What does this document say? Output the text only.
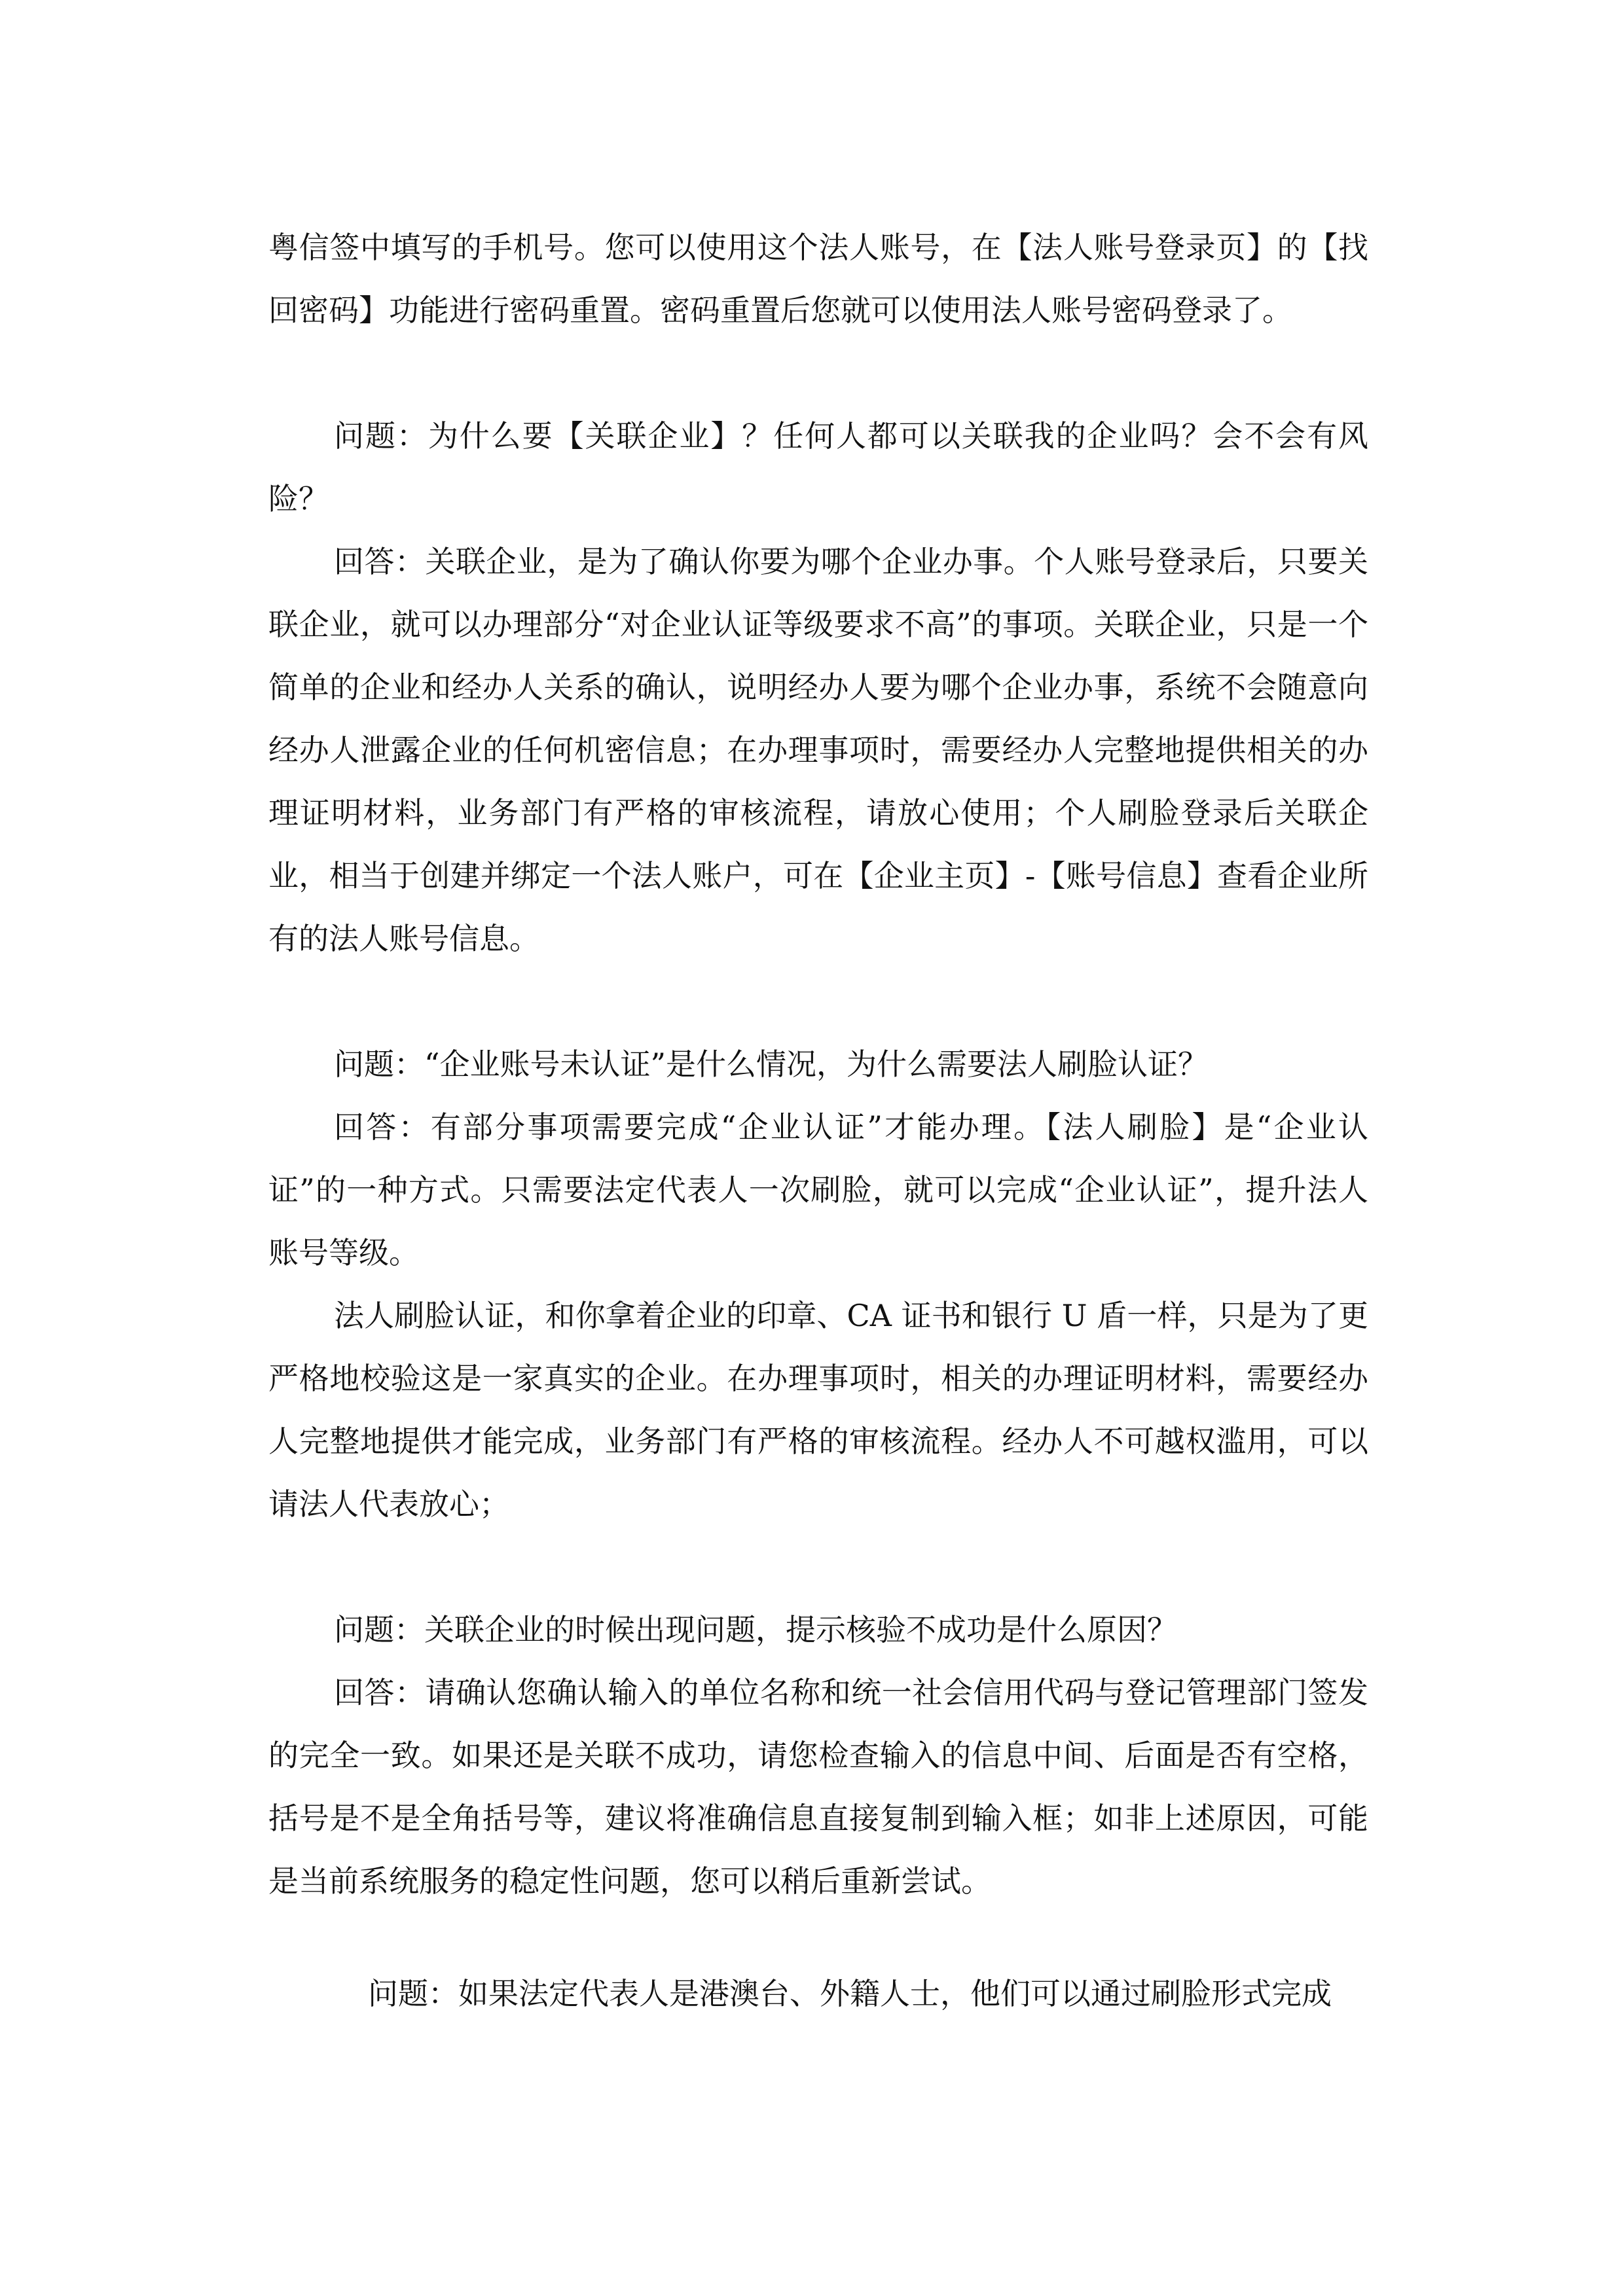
粤信签中填写的手机号。您可以使用这个法人账号，在【法人账号登录页】的【找回密码】功能进行密码重置。密码重置后您就可以使用法人账号密码登录了。

问题：为什么要【关联企业】？任何人都可以关联我的企业吗？会不会有风险？

回答：关联企业，是为了确认你要为哪个企业办事。个人账号登录后，只要关联企业，就可以办理部分“对企业认证等级要求不高”的事项。关联企业，只是一个简单的企业和经办人关系的确认，说明经办人要为哪个企业办事，系统不会随意向经办人泄露企业的任何机密信息；在办理事项时，需要经办人完整地提供相关的办理证明材料，业务部门有严格的审核流程，请放心使用；个人刷脸登录后关联企业，相当于创建并绑定一个法人账户，可在【企业主页】-【账号信息】查看企业所有的法人账号信息。

问题：“企业账号未认证”是什么情况，为什么需要法人刷脸认证？

回答：有部分事项需要完成“企业认证”才能办理。【法人刷脸】是“企业认证”的一种方式。只需要法定代表人一次刷脸，就可以完成“企业认证”，提升法人账号等级。

法人刷脸认证，和你拿着企业的印章、CA 证书和银行 U 盾一样，只是为了更严格地校验这是一家真实的企业。在办理事项时，相关的办理证明材料，需要经办人完整地提供才能完成，业务部门有严格的审核流程。经办人不可越权滥用，可以请法人代表放心；

问题：关联企业的时候出现问题，提示核验不成功是什么原因？

回答：请确认您确认输入的单位名称和统一社会信用代码与登记管理部门签发的完全一致。如果还是关联不成功，请您检查输入的信息中间、后面是否有空格，括号是不是全角括号等，建议将准确信息直接复制到输入框；如非上述原因，可能是当前系统服务的稳定性问题，您可以稍后重新尝试。

问题：如果法定代表人是港澳台、外籍人士，他们可以通过刷脸形式完成
